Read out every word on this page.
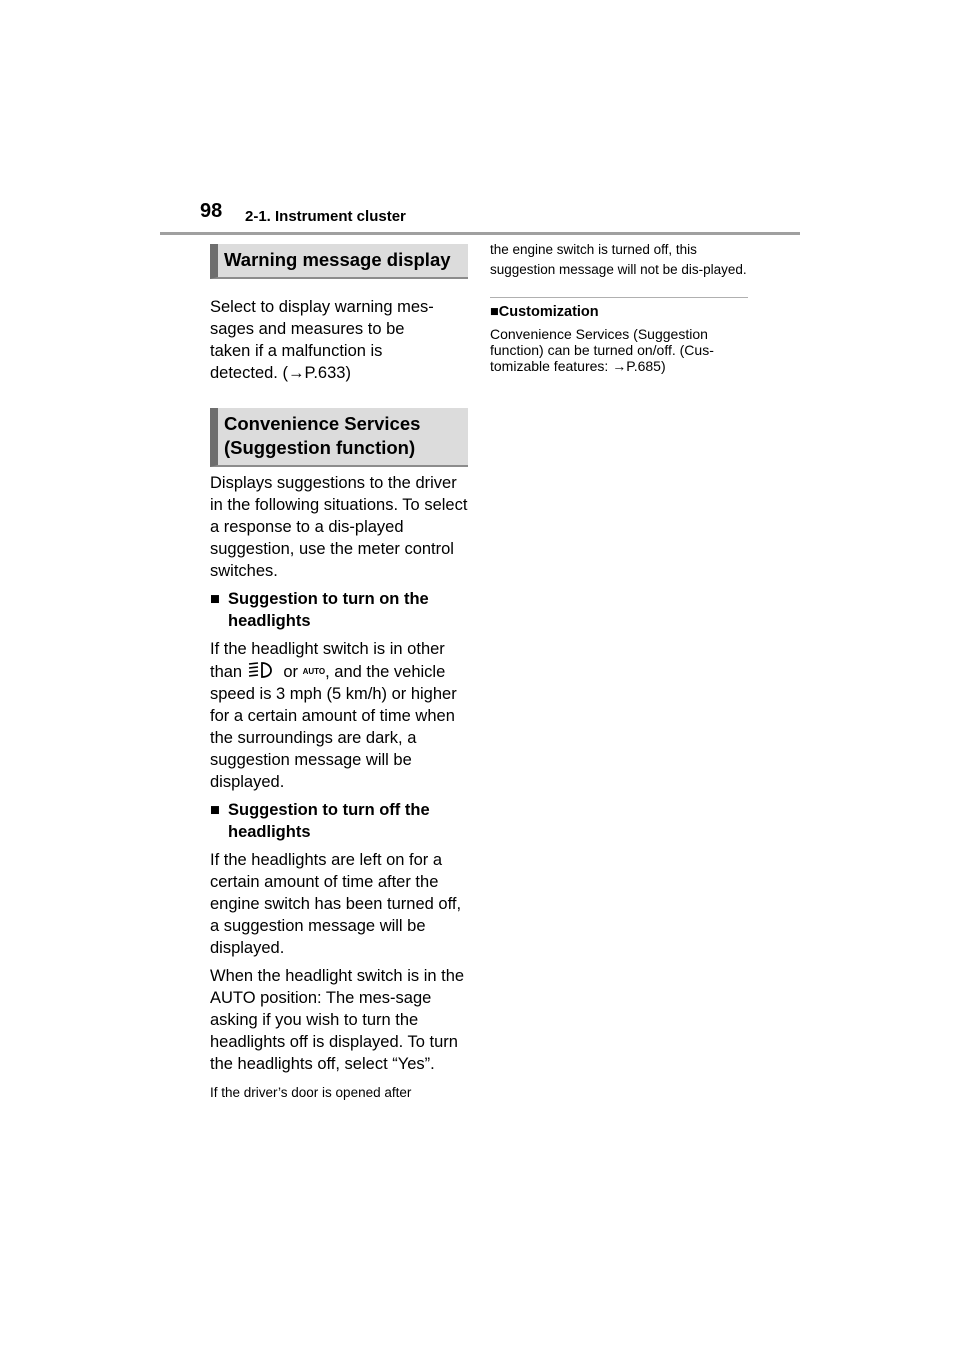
98 2-1. Instrument cluster
Warning message display

Select to display warning mes-
sages and measures to be
taken if a malfunction is
detected. (→P.633)

Convenience Services
(Suggestion function)

Displays suggestions to the driver in the following situations. To select a response to a dis-played suggestion, use the meter control switches.

■ Suggestion to turn on the headlights

If the headlight switch is in other than or AUTO, and the vehicle speed is 3 mph (5 km/h) or higher for a certain amount of time when the surroundings are dark, a suggestion message will be displayed.

■ Suggestion to turn off the headlights

If the headlights are left on for a certain amount of time after the engine switch has been turned off, a suggestion message will be displayed.

When the headlight switch is in the AUTO position: The mes-sage asking if you wish to turn the headlights off is displayed. To turn the headlights off, select “Yes”.

If the driver’s door is opened after

the engine switch is turned off, this suggestion message will not be dis-played.

■Customization

Convenience Services (Suggestion function) can be turned on/off. (Cus-tomizable features: →P.685)
